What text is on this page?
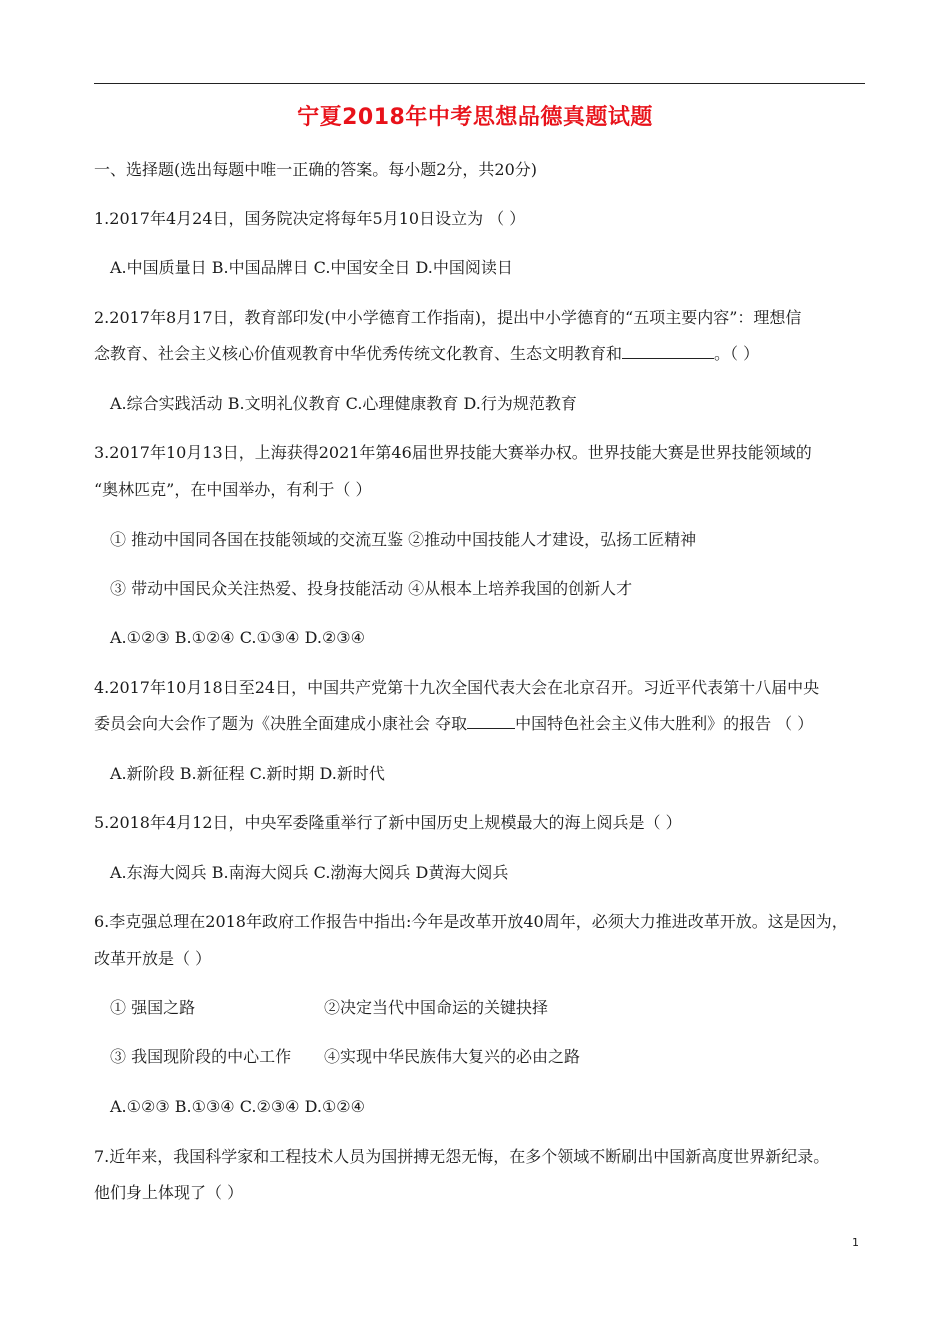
宁夏2018年中考思想品德真题试题
一、选择题(选出每题中唯一正确的答案。每小题2分，共20分)
1.2017年4月24日，国务院决定将每年5月10日设立为 （ ）
A.中国质量日 B.中国品牌日 C.中国安全日 D.中国阅读日
2.2017年8月17日，教育部印发(中小学德育工作指南)，提出中小学德育的“五项主要内容”：理想信
念教育、社会主义核心价值观教育中华优秀传统文化教育、生态文明教育和	。（ ）
A.综合实践活动 B.文明礼仪教育 C.心理健康教育 D.行为规范教育
3.2017年10月13日，上海获得2021年第46届世界技能大赛举办权。世界技能大赛是世界技能领域的
“奥林匹克”，在中国举办，有利于（ ）
① 推动中国同各国在技能领域的交流互鉴 ②推动中国技能人才建设，弘扬工匠精神
③ 带动中国民众关注热爱、投身技能活动 ④从根本上培养我国的创新人才
A.①②③ B.①②④ C.①③④ D.②③④
4.2017年10月18日至24日，中国共产党第十九次全国代表大会在北京召开。习近平代表第十八届中央
委员会向大会作了题为《决胜全面建成小康社会 夺取	中国特色社会主义伟大胜利》的报告 （ ）
A.新阶段 B.新征程 C.新时期 D.新时代
5.2018年4月12日，中央军委隆重举行了新中国历史上规模最大的海上阅兵是（ ）
A.东海大阅兵 B.南海大阅兵 C.渤海大阅兵 D黄海大阅兵
6.李克强总理在2018年政府工作报告中指出:今年是改革开放40周年，必须大力推进改革开放。这是因为，
改革开放是（ ）
① 强国之路	②决定当代中国命运的关键抉择
③ 我国现阶段的中心工作 ④实现中华民族伟大复兴的必由之路
A.①②③ B.①③④ C.②③④ D.①②④
7.近年来，我国科学家和工程技术人员为国拼搏无怨无悔，在多个领域不断刷出中国新高度世界新纪录。
他们身上体现了（ ）
1
